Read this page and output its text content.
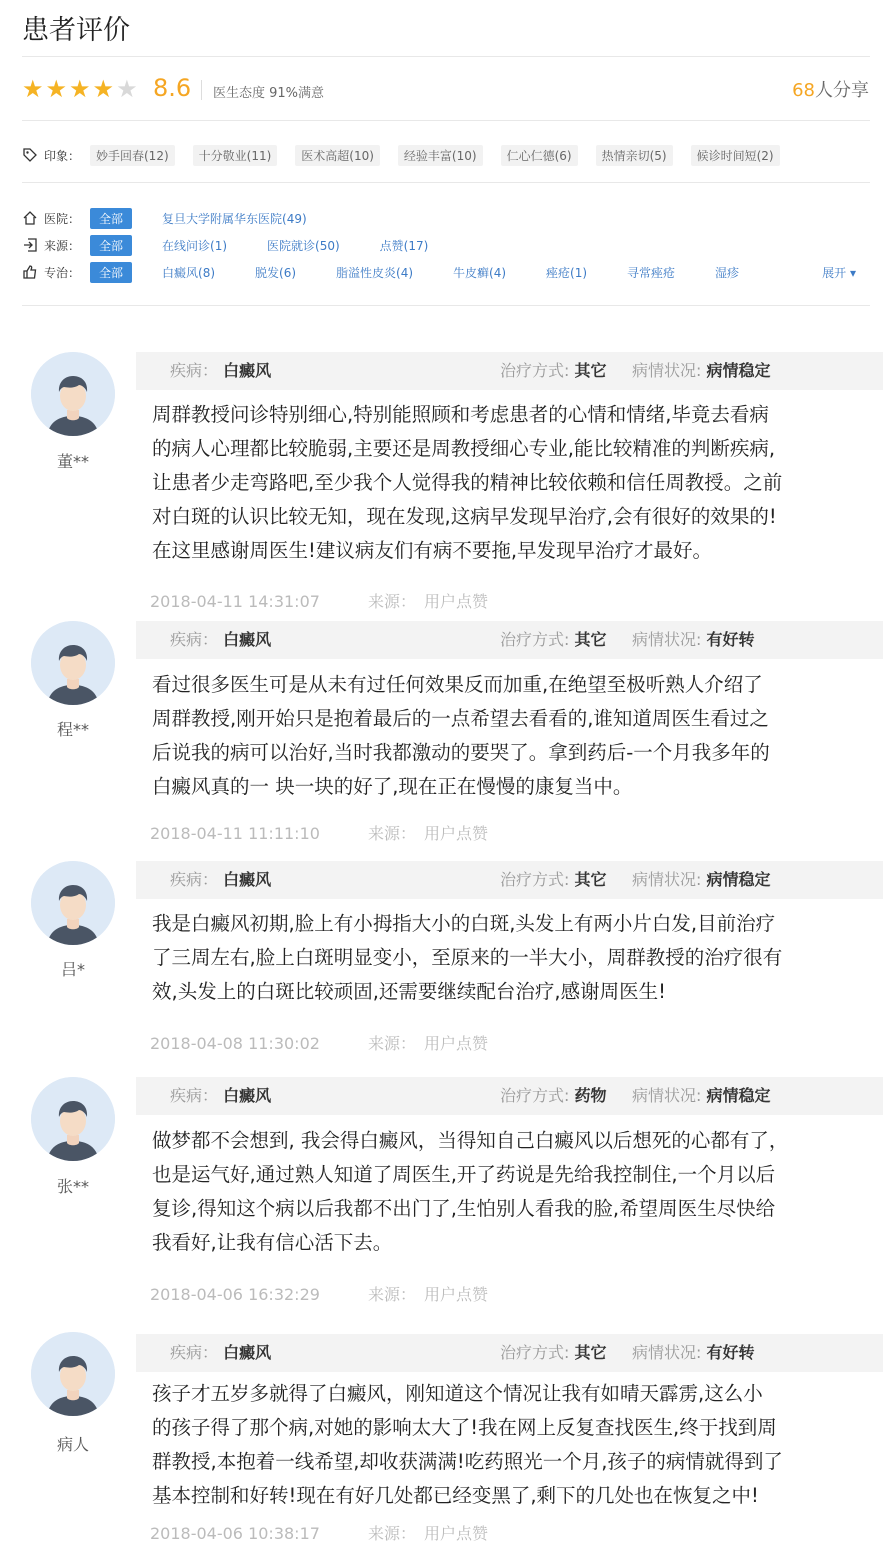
患者评价
★ ★ ★ ★ ★ 8.6 医生态度 91%满意	68人分享
印象：	妙手回春(12)	十分敬业(11)	医术高超(10)	经验丰富(10)	仁心仁德(6)	热情亲切(5)	候诊时间短(2)
医院：	全部	复旦大学附属华东医院(49)
来源：	全部	在线问诊(1)	医院就诊(50)	点赞(17)
专治：	全部	白癜风(8)	脱发(6)	脂溢性皮炎(4)	牛皮癣(4)	痤疮(1)	寻常痤疮	湿疹	展开 ▾
董**
疾病： 白癜风	治疗方式: 其它 病情状况: 病情稳定
周群教授问诊特别细心,特别能照顾和考虑患者的心情和情绪,毕竟去看病
的病人心理都比较脆弱,主要还是周教授细心专业,能比较精准的判断疾病,
让患者少走弯路吧,至少我个人觉得我的精神比较依赖和信任周教授。之前
对白斑的认识比较无知，现在发现,这病早发现早治疗,会有很好的效果的!
在这里感谢周医生!建议病友们有病不要拖,早发现早治疗才最好。
2018-04-11 14:31:07	来源： 用户点赞
程**
疾病： 白癜风	治疗方式: 其它 病情状况: 有好转
看过很多医生可是从未有过任何效果反而加重,在绝望至极听熟人介绍了
周群教授,刚开始只是抱着最后的一点希望去看看的,谁知道周医生看过之
后说我的病可以治好,当时我都激动的要哭了。拿到药后-一个月我多年的
白癜风真的一 块一块的好了,现在正在慢慢的康复当中。
2018-04-11 11:11:10	来源： 用户点赞
吕*
疾病： 白癜风	治疗方式: 其它 病情状况: 病情稳定
我是白癜风初期,脸上有小拇指大小的白斑,头发上有两小片白发,目前治疗
了三周左右,脸上白斑明显变小，至原来的一半大小，周群教授的治疗很有
效,头发上的白斑比较顽固,还需要继续配台治疗,感谢周医生!
2018-04-08 11:30:02	来源： 用户点赞
张**
疾病： 白癜风	治疗方式: 药物 病情状况: 病情稳定
做梦都不会想到, 我会得白癜风，当得知自己白癜风以后想死的心都有了，
也是运气好,通过熟人知道了周医生,开了药说是先给我控制住,一个月以后
复诊,得知这个病以后我都不出门了,生怕别人看我的脸,希望周医生尽快给
我看好,让我有信心活下去。
2018-04-06 16:32:29	来源： 用户点赞
病人
疾病： 白癜风	治疗方式: 其它 病情状况: 有好转
孩子才五岁多就得了白癜风，刚知道这个情况让我有如晴天霹雳,这么小
的孩子得了那个病,对她的影响太大了!我在网上反复查找医生,终于找到周
群教授,本抱着一线希望,却收获满满!吃药照光一个月,孩子的病情就得到了
基本控制和好转!现在有好几处都已经变黑了,剩下的几处也在恢复之中!
2018-04-06 10:38:17	来源： 用户点赞
